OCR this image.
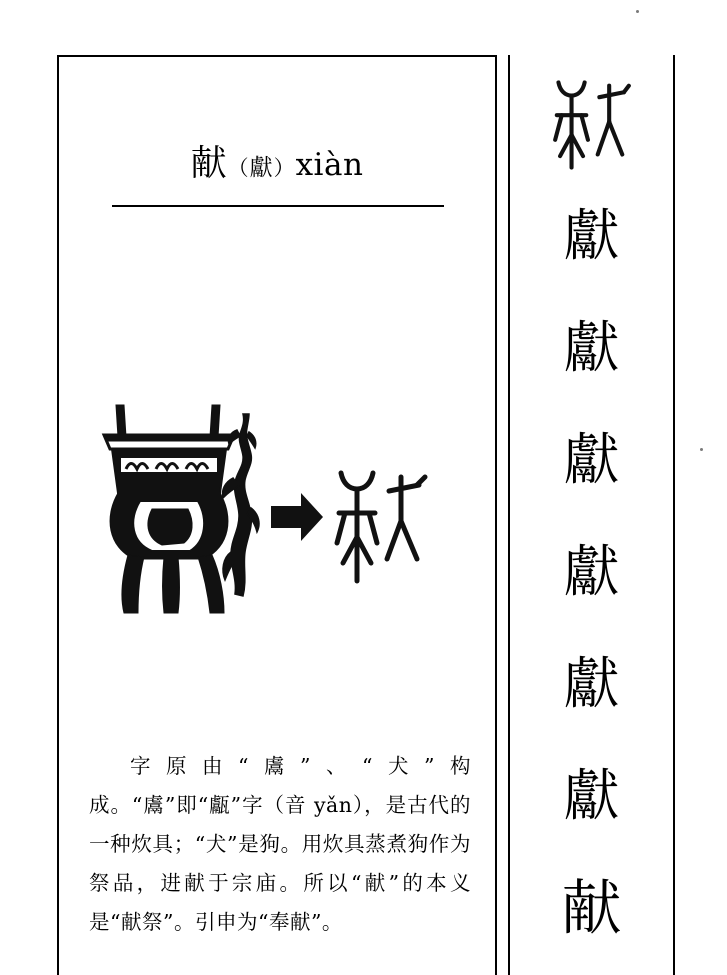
献（獻）xiàn

字原由“鬳”、“犬”构成。“鬳”即“甗”字（音 yǎn），是古代的一种炊具；“犬”是狗。用炊具蒸煮狗作为祭品，进献于宗庙。所以“献”的本义是“献祭”。引申为“奉献”。

獻
獻
獻
獻
獻
獻
献
